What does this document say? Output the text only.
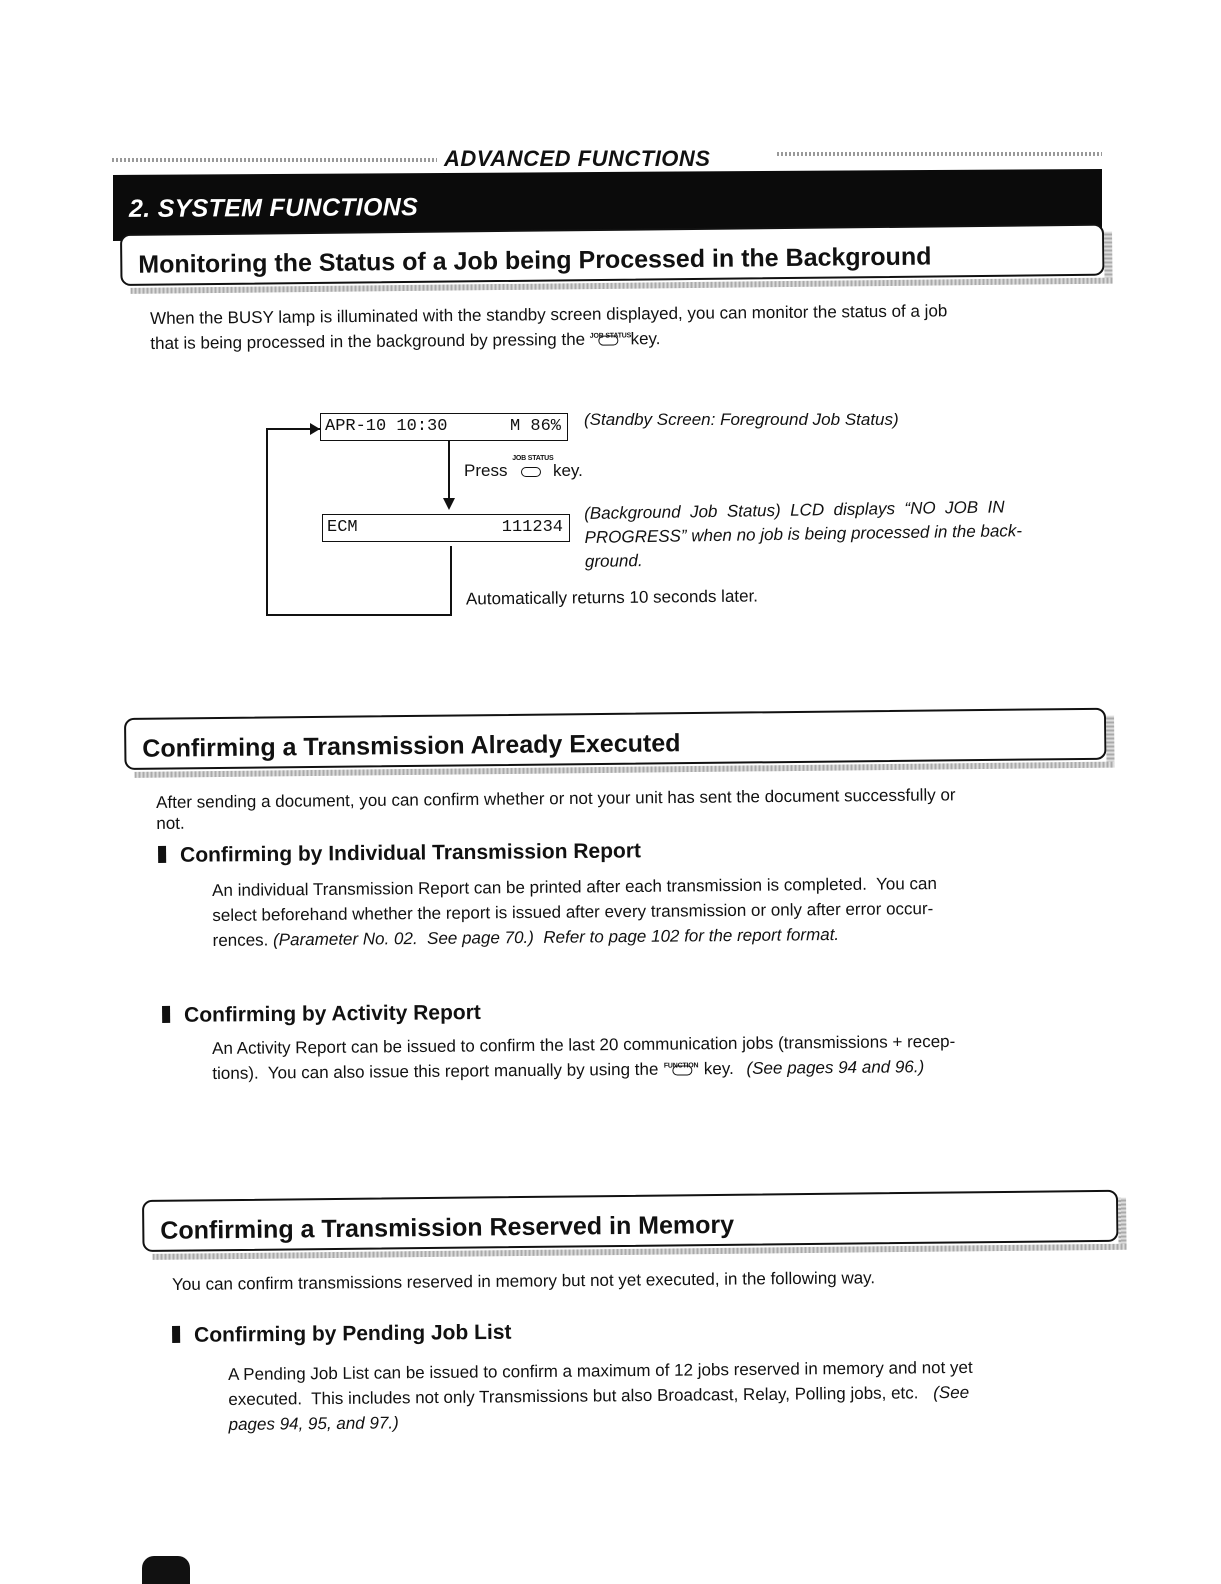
ADVANCED FUNCTIONS
2. SYSTEM FUNCTIONS
Monitoring the Status of a Job being Processed in the Background
When the BUSY lamp is illuminated with the standby screen displayed, you can monitor the status of a job
that is being processed in the background by pressing the JOB STATUS key.
APR-10 10:30	M 86% (Standby Screen: Foreground Job Status)
Press
JOB STATUS
key.
ECM	111234
(Background  Job  Status)  LCD  displays  “NO  JOB  IN
PROGRESS” when no job is being processed in the back-
ground.
Automatically returns 10 seconds later.
Confirming a Transmission Already Executed
After sending a document, you can confirm whether or not your unit has sent the document successfully or
not.
Confirming by Individual Transmission Report
An individual Transmission Report can be printed after each transmission is completed.  You can
select beforehand whether the report is issued after every transmission or only after error occur-
rences. (Parameter No. 02.  See page 70.)  Refer to page 102 for the report format.
Confirming by Activity Report
An Activity Report can be issued to confirm the last 20 communication jobs (transmissions + recep-
tions).  You can also issue this report manually by using the FUNCTION key. (See pages 94 and 96.)
Confirming a Transmission Reserved in Memory
You can confirm transmissions reserved in memory but not yet executed, in the following way.
Confirming by Pending Job List
A Pending Job List can be issued to confirm a maximum of 12 jobs reserved in memory and not yet
executed.  This includes not only Transmissions but also Broadcast, Relay, Polling jobs, etc. (See
pages 94, 95, and 97.)
